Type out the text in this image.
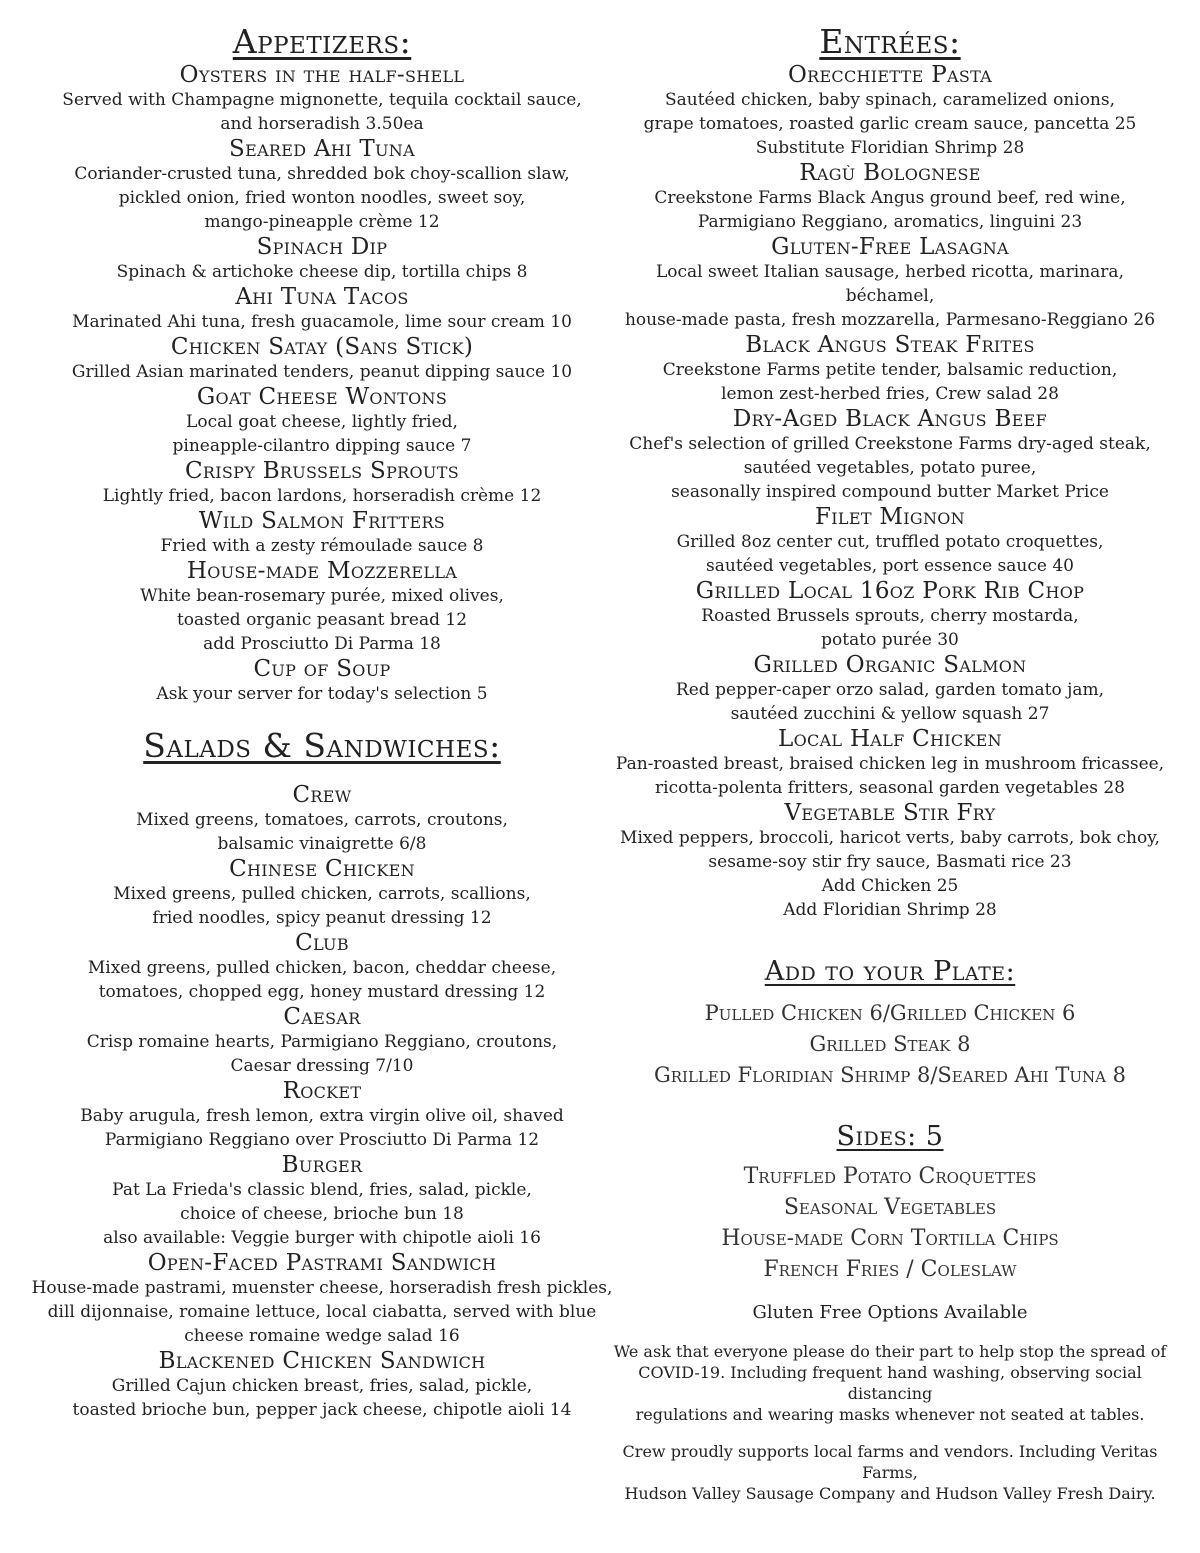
Appetizers:
Oysters in the half-shell
Served with Champagne mignonette, tequila cocktail sauce,
and horseradish 3.50ea
Seared Ahi Tuna
Coriander-crusted tuna, shredded bok choy-scallion slaw,
pickled onion, fried wonton noodles, sweet soy,
mango-pineapple crème 12
Spinach Dip
Spinach & artichoke cheese dip, tortilla chips 8
Ahi Tuna Tacos
Marinated Ahi tuna, fresh guacamole, lime sour cream 10
Chicken Satay (Sans Stick)
Grilled Asian marinated tenders, peanut dipping sauce 10
Goat Cheese Wontons
Local goat cheese, lightly fried,
pineapple-cilantro dipping sauce 7
Crispy Brussels Sprouts
Lightly fried, bacon lardons, horseradish crème 12
Wild Salmon Fritters
Fried with a zesty rémoulade sauce 8
House-made Mozzerella
White bean-rosemary purée, mixed olives,
toasted organic peasant bread 12
add Prosciutto Di Parma 18
Cup of Soup
Ask your server for today's selection 5
Salads & Sandwiches:
Crew
Mixed greens, tomatoes, carrots, croutons,
balsamic vinaigrette 6/8
Chinese Chicken
Mixed greens, pulled chicken, carrots, scallions,
fried noodles, spicy peanut dressing 12
Club
Mixed greens, pulled chicken, bacon, cheddar cheese,
tomatoes, chopped egg, honey mustard dressing 12
Caesar
Crisp romaine hearts, Parmigiano Reggiano, croutons,
Caesar dressing 7/10
Rocket
Baby arugula, fresh lemon, extra virgin olive oil, shaved
Parmigiano Reggiano over Prosciutto Di Parma 12
Burger
Pat La Frieda's classic blend, fries, salad, pickle,
choice of cheese, brioche bun 18
also available: Veggie burger with chipotle aioli 16
Open-Faced Pastrami Sandwich
House-made pastrami, muenster cheese, horseradish fresh pickles,
dill dijonnaise, romaine lettuce, local ciabatta, served with blue
cheese romaine wedge salad 16
Blackened Chicken Sandwich
Grilled Cajun chicken breast, fries, salad, pickle,
toasted brioche bun, pepper jack cheese, chipotle aioli 14
Entrées:
Orecchiette Pasta
Sautéed chicken, baby spinach, caramelized onions,
grape tomatoes, roasted garlic cream sauce, pancetta 25
Substitute Floridian Shrimp 28
Ragù Bolognese
Creekstone Farms Black Angus ground beef, red wine,
Parmigiano Reggiano, aromatics, linguini 23
Gluten-Free Lasagna
Local sweet Italian sausage, herbed ricotta, marinara, béchamel,
house-made pasta, fresh mozzarella, Parmesano-Reggiano 26
Black Angus Steak Frites
Creekstone Farms petite tender, balsamic reduction,
lemon zest-herbed fries, Crew salad 28
Dry-Aged Black Angus Beef
Chef's selection of grilled Creekstone Farms dry-aged steak,
sautéed vegetables, potato puree,
seasonally inspired compound butter Market Price
Filet Mignon
Grilled 8oz center cut, truffled potato croquettes,
sautéed vegetables, port essence sauce 40
Grilled Local 16oz Pork Rib Chop
Roasted Brussels sprouts, cherry mostarda,
potato purée 30
Grilled Organic Salmon
Red pepper-caper orzo salad, garden tomato jam,
sautéed zucchini & yellow squash 27
Local Half Chicken
Pan-roasted breast, braised chicken leg in mushroom fricassee,
ricotta-polenta fritters, seasonal garden vegetables 28
Vegetable Stir Fry
Mixed peppers, broccoli, haricot verts, baby carrots, bok choy,
sesame-soy stir fry sauce, Basmati rice 23
Add Chicken 25
Add Floridian Shrimp 28
Add to your Plate:
Pulled Chicken 6/Grilled Chicken 6
Grilled Steak 8
Grilled Floridian Shrimp 8/Seared Ahi Tuna 8
Sides: 5
Truffled Potato Croquettes
Seasonal Vegetables
House-made Corn Tortilla Chips
French Fries / Coleslaw
Gluten Free Options Available
We ask that everyone please do their part to help stop the spread of
COVID-19. Including frequent hand washing, observing social distancing
regulations and wearing masks whenever not seated at tables.
Crew proudly supports local farms and vendors. Including Veritas Farms,
Hudson Valley Sausage Company and Hudson Valley Fresh Dairy.
